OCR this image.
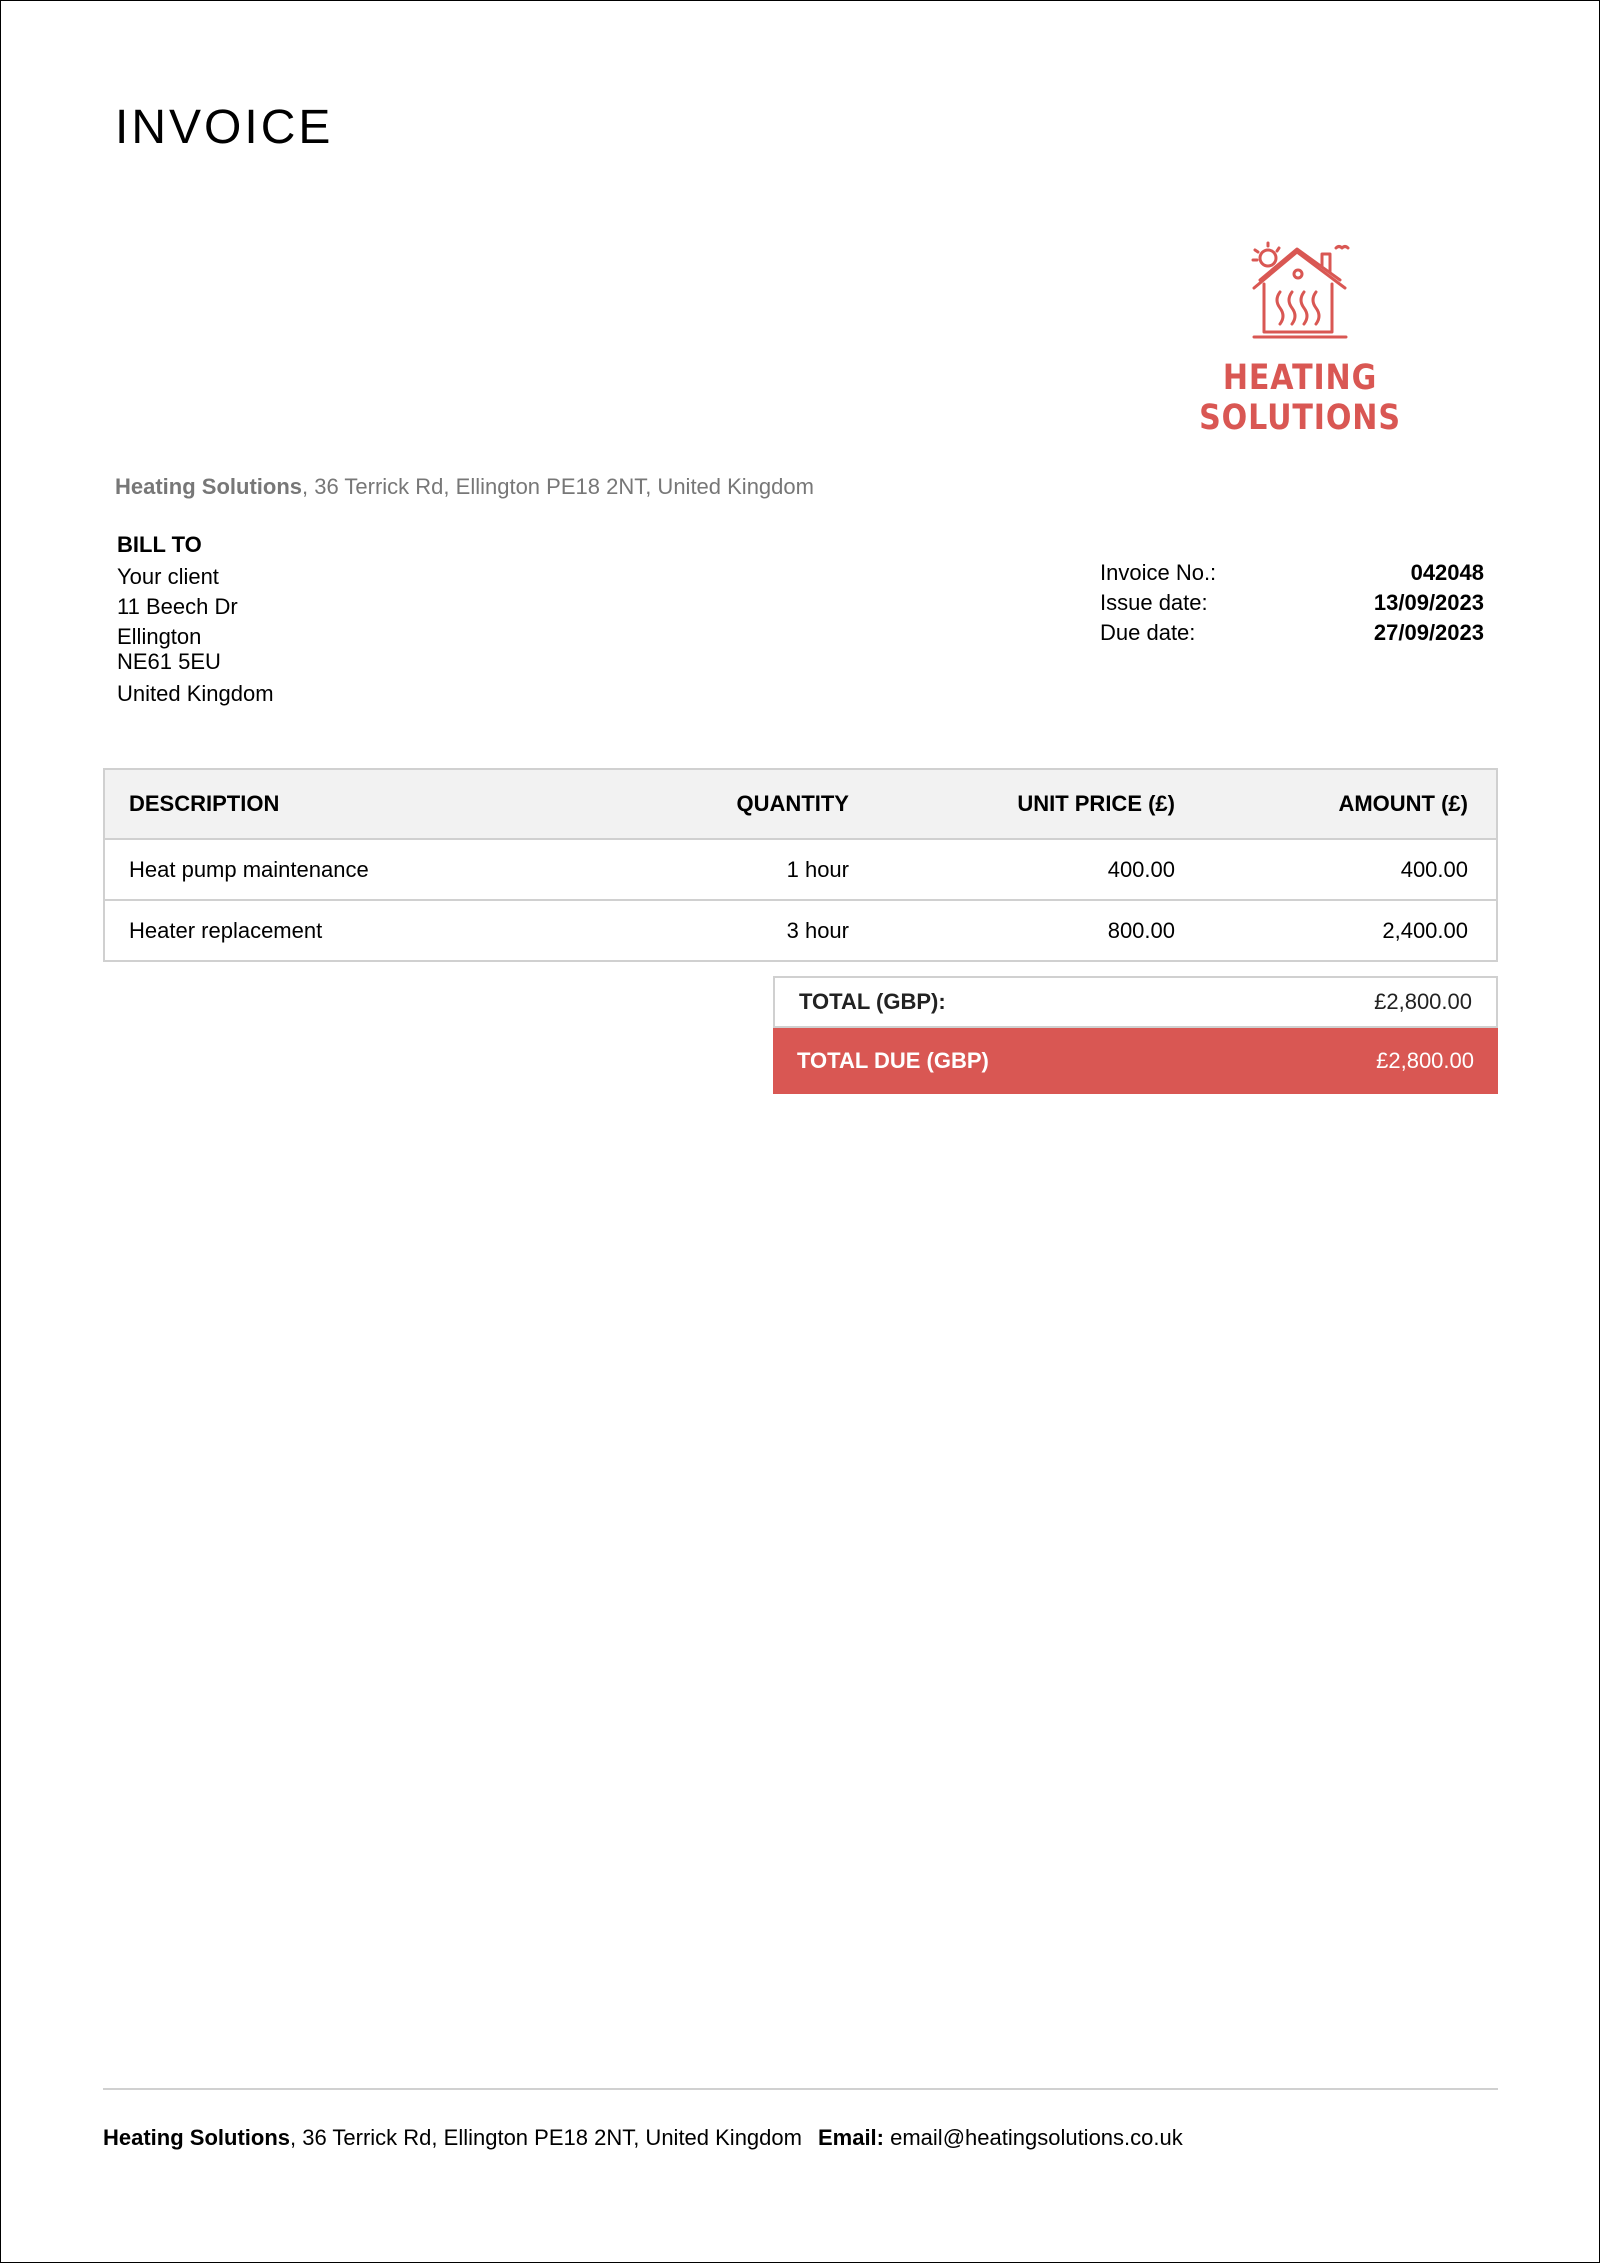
INVOICE
HEATING SOLUTIONS
Heating Solutions, 36 Terrick Rd, Ellington PE18 2NT, United Kingdom
BILL TO
Your client
11 Beech Dr
Ellington
NE61 5EU
United Kingdom
Invoice No.:	042048
Issue date:	13/09/2023
Due date:	27/09/2023
DESCRIPTION	QUANTITY	UNIT PRICE (£)	AMOUNT (£)
Heat pump maintenance	1 hour	400.00	400.00
Heater replacement	3 hour	800.00	2,400.00
TOTAL (GBP):	£2,800.00
TOTAL DUE (GBP)	£2,800.00
Heating Solutions, 36 Terrick Rd, Ellington PE18 2NT, United Kingdom Email: email@heatingsolutions.co.uk
